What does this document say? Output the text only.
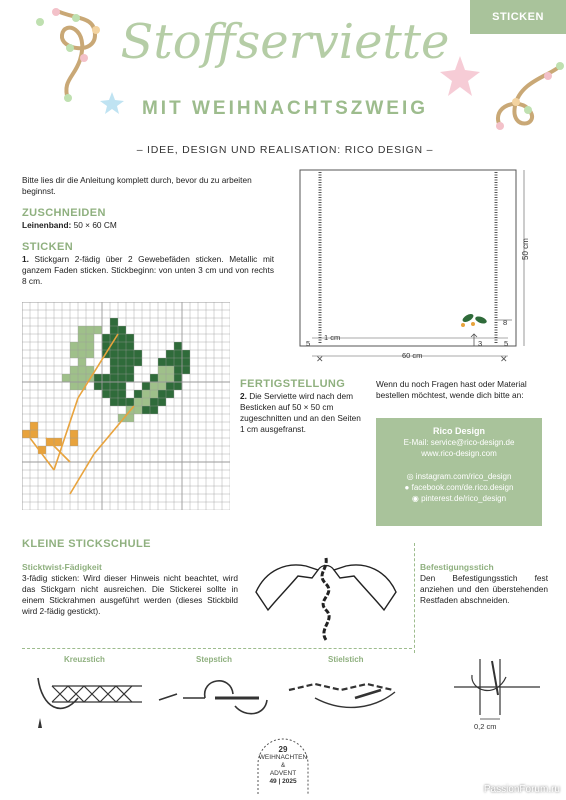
STICKEN
Stoffserviette
MIT WEIHNACHTSZWEIG
– IDEE, DESIGN UND REALISATION: RICO DESIGN –
Bitte lies dir die Anleitung komplett durch, bevor du zu arbeiten beginnst.
ZUSCHNEIDEN
Leinenband: 50 × 60 CM
STICKEN
1. Stickgarn 2-fädig über 2 Gewebefäden sticken. Metallic mit ganzem Faden sticken. Stickbeginn: von unten 3 cm und von rechts 8 cm.
✕	✕
50 cm
1 cm
60 cm
8
3
5	5
FERTIGSTELLUNG
2. Die Serviette wird nach dem Besticken auf 50 × 50 cm zugeschnitten und an den Seiten 1 cm ausgefranst.
Wenn du noch Fragen hast oder Material bestellen möchtest, wende dich bitte an:
Rico Design
E-Mail: service@rico-design.de
www.rico-design.com
◎ instagram.com/rico_design
● facebook.com/de.rico.design
◉ pinterest.de/rico_design
KLEINE STICKSCHULE
Sticktwist-Fädigkeit
3-fädig sticken: Wird dieser Hinweis nicht beachtet, wird das Stickgarn nicht ausreichen. Die Stickerei sollte in einem Stickrahmen ausgeführt werden (dieses Stickbild wird 2-fädig gestickt).
Befestigungsstich
Den Befestigungsstich fest anziehen und den überstehenden Restfaden abschneiden.
Kreuzstich	Stepstich	Stielstich
0,2 cm
29
WEIHNACHTEN &
ADVENT
49 | 2025
PassionForum.ru
